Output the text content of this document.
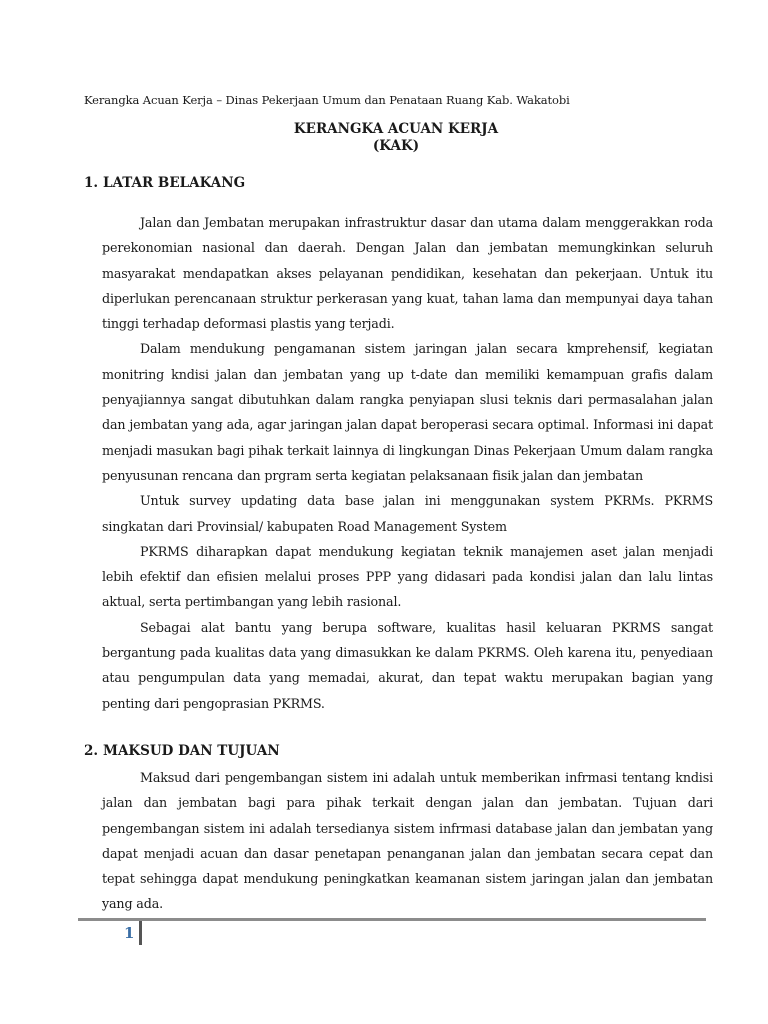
Kerangka Acuan Kerja – Dinas Pekerjaan Umum dan Penataan Ruang Kab. Wakatobi
KERANGKA ACUAN KERJA
(KAK)
1. LATAR BELAKANG

Jalan dan Jembatan merupakan infrastruktur dasar dan utama dalam menggerakkan roda perekonomian nasional dan daerah. Dengan Jalan dan jembatan memungkinkan seluruh masyarakat mendapatkan akses pelayanan pendidikan, kesehatan dan pekerjaan. Untuk itu diperlukan perencanaan struktur perkerasan yang kuat, tahan lama dan mempunyai daya tahan tinggi terhadap deformasi plastis yang terjadi.

Dalam mendukung pengamanan sistem jaringan jalan secara kmprehensif, kegiatan monitring kndisi jalan dan jembatan yang up t-date dan memiliki kemampuan grafis dalam penyajiannya sangat dibutuhkan dalam rangka penyiapan slusi teknis dari permasalahan jalan dan jembatan yang ada, agar jaringan jalan dapat beroperasi secara optimal. Informasi ini dapat menjadi masukan bagi pihak terkait lainnya di lingkungan Dinas Pekerjaan Umum dalam rangka penyusunan rencana dan prgram serta kegiatan pelaksanaan fisik jalan dan jembatan

Untuk survey updating data base jalan ini menggunakan system PKRMs. PKRMS singkatan dari Provinsial/ kabupaten Road Management System

PKRMS diharapkan dapat mendukung kegiatan teknik manajemen aset jalan menjadi lebih efektif dan efisien melalui proses PPP yang didasari pada kondisi jalan dan lalu lintas aktual, serta pertimbangan yang lebih rasional.

Sebagai alat bantu yang berupa software, kualitas hasil keluaran PKRMS sangat bergantung pada kualitas data yang dimasukkan ke dalam PKRMS. Oleh karena itu, penyediaan atau pengumpulan data yang memadai, akurat, dan tepat waktu merupakan bagian yang penting dari pengoprasian PKRMS.

2. MAKSUD DAN TUJUAN

Maksud dari pengembangan sistem ini adalah untuk memberikan infrmasi tentang kndisi jalan dan jembatan bagi para pihak terkait dengan jalan dan jembatan. Tujuan dari pengembangan sistem ini adalah tersedianya sistem infrmasi database jalan dan jembatan yang dapat menjadi acuan dan dasar penetapan penanganan jalan dan jembatan secara cepat dan tepat sehingga dapat mendukung peningkatkan keamanan sistem jaringan jalan dan jembatan yang ada.

1
